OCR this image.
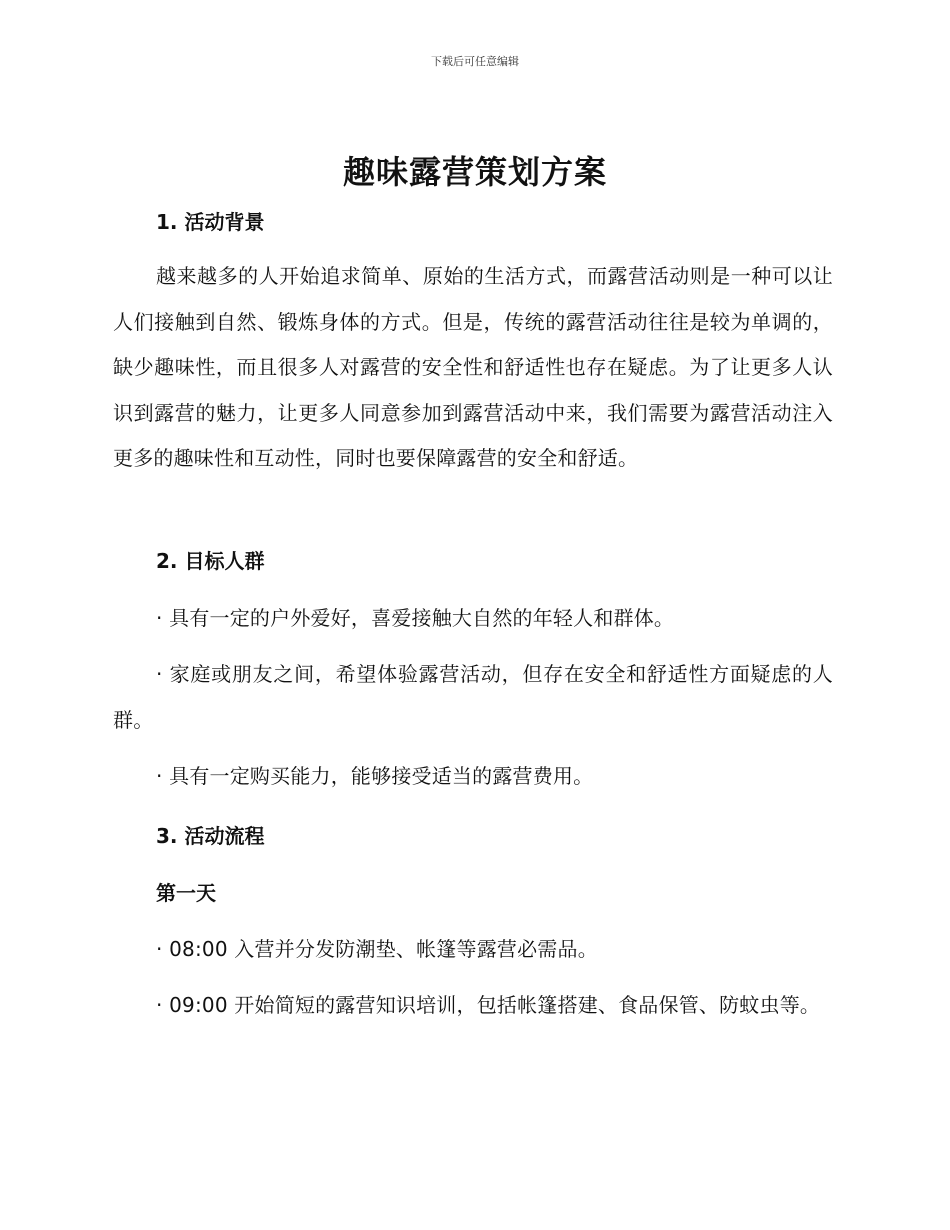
下载后可任意编辑
趣味露营策划方案
1. 活动背景

越来越多的人开始追求简单、原始的生活方式，而露营活动则是一种可以让人们接触到自然、锻炼身体的方式。但是，传统的露营活动往往是较为单调的，缺少趣味性，而且很多人对露营的安全性和舒适性也存在疑虑。为了让更多人认识到露营的魅力，让更多人同意参加到露营活动中来，我们需要为露营活动注入更多的趣味性和互动性，同时也要保障露营的安全和舒适。

2. 目标人群

· 具有一定的户外爱好，喜爱接触大自然的年轻人和群体。

· 家庭或朋友之间，希望体验露营活动，但存在安全和舒适性方面疑虑的人群。

· 具有一定购买能力，能够接受适当的露营费用。

3. 活动流程
第一天

· 08:00 入营并分发防潮垫、帐篷等露营必需品。

· 09:00 开始简短的露营知识培训，包括帐篷搭建、食品保管、防蚊虫等。
